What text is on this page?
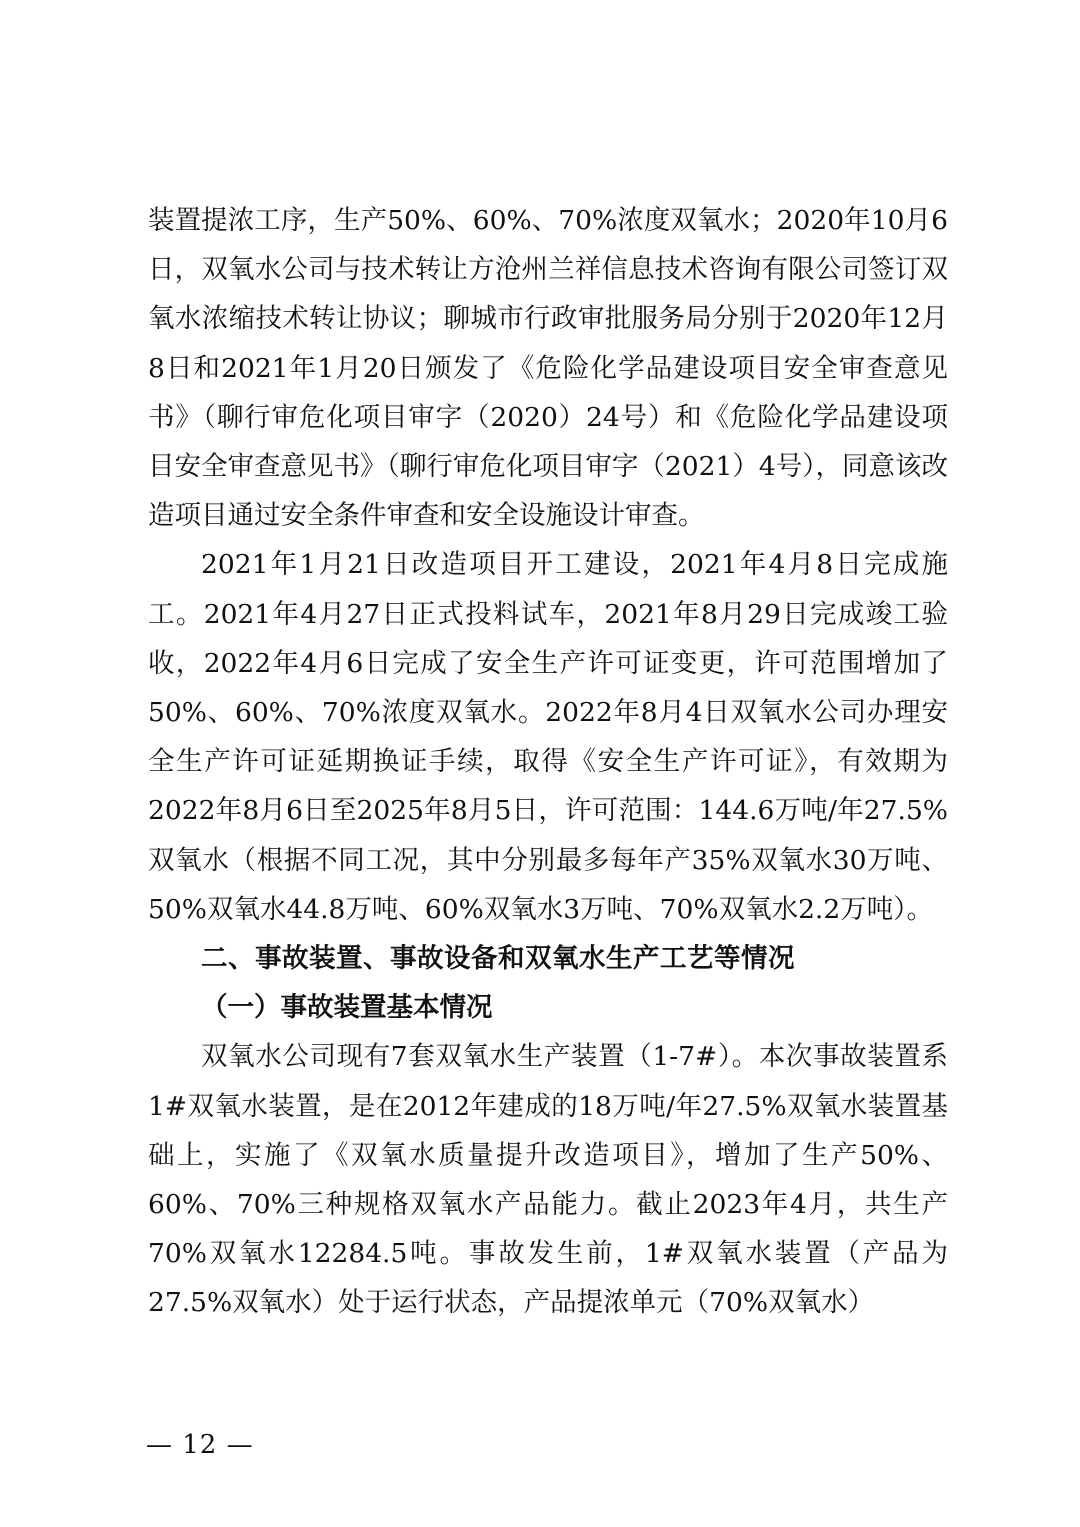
装置提浓工序，生产50%、60%、70%浓度双氧水；2020年10月6日，双氧水公司与技术转让方沧州兰祥信息技术咨询有限公司签订双氧水浓缩技术转让协议；聊城市行政审批服务局分别于2020年12月8日和2021年1月20日颁发了《危险化学品建设项目安全审查意见书》（聊行审危化项目审字（2020）24号）和《危险化学品建设项目安全审查意见书》（聊行审危化项目审字（2021）4号），同意该改造项目通过安全条件审查和安全设施设计审查。

2021年1月21日改造项目开工建设，2021年4月8日完成施工。2021年4月27日正式投料试车，2021年8月29日完成竣工验收，2022年4月6日完成了安全生产许可证变更，许可范围增加了50%、60%、70%浓度双氧水。2022年8月4日双氧水公司办理安全生产许可证延期换证手续，取得《安全生产许可证》，有效期为2022年8月6日至2025年8月5日，许可范围：144.6万吨/年27.5%双氧水（根据不同工况，其中分别最多每年产35%双氧水30万吨、50%双氧水44.8万吨、60%双氧水3万吨、70%双氧水2.2万吨）。

二、事故装置、事故设备和双氧水生产工艺等情况

（一）事故装置基本情况

双氧水公司现有7套双氧水生产装置（1-7#）。本次事故装置系1#双氧水装置，是在2012年建成的18万吨/年27.5%双氧水装置基础上，实施了《双氧水质量提升改造项目》，增加了生产50%、60%、70%三种规格双氧水产品能力。截止2023年4月，共生产70%双氧水12284.5吨。事故发生前，1#双氧水装置（产品为27.5%双氧水）处于运行状态，产品提浓单元（70%双氧水）

— 12 —
